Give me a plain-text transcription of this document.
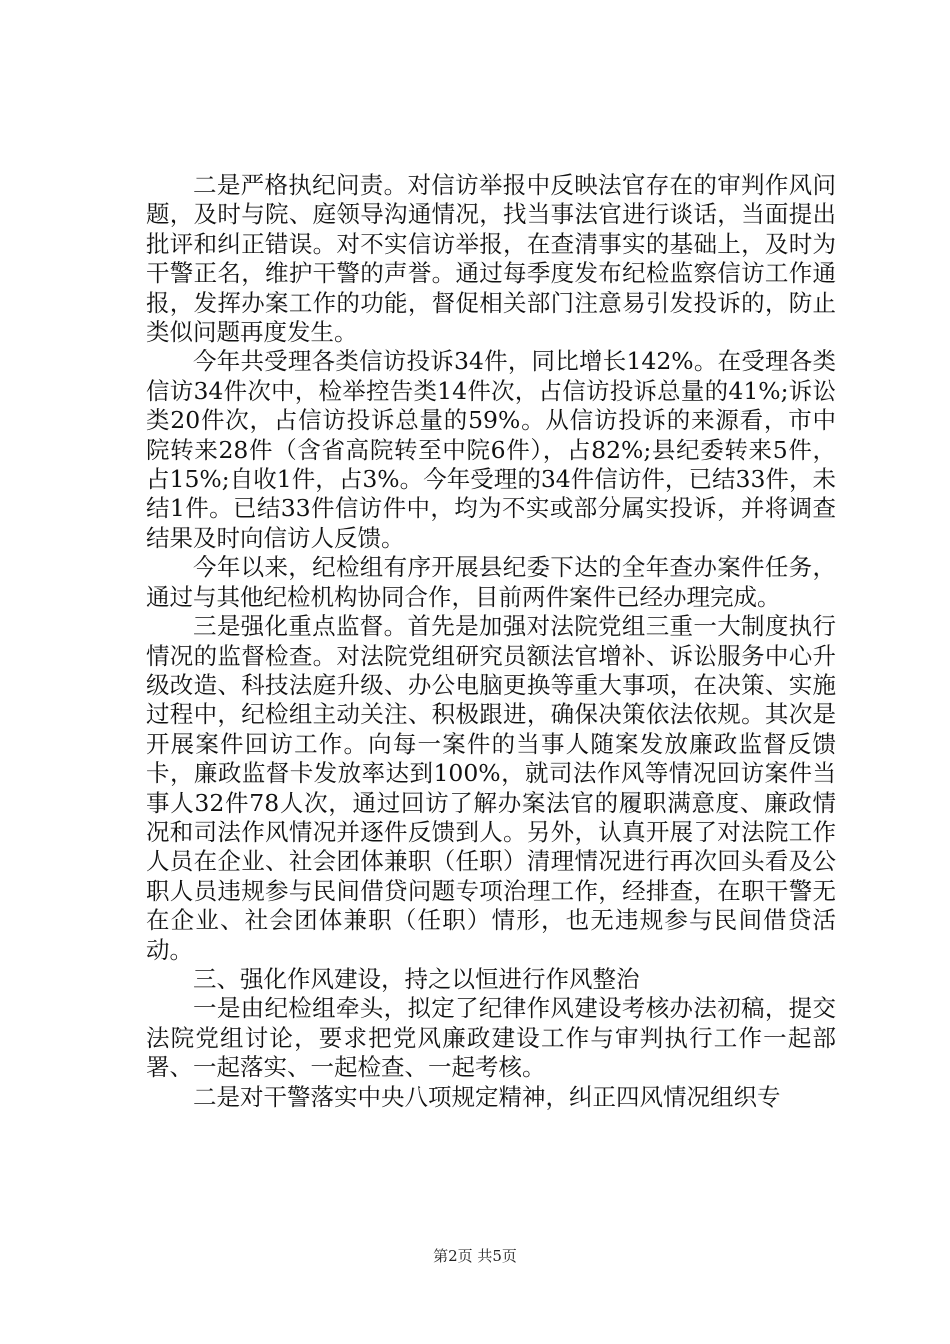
二是严格执纪问责。对信访举报中反映法官存在的审判作风问题，及时与院、庭领导沟通情况，找当事法官进行谈话，当面提出批评和纠正错误。对不实信访举报，在查清事实的基础上，及时为干警正名，维护干警的声誉。通过每季度发布纪检监察信访工作通报，发挥办案工作的功能，督促相关部门注意易引发投诉的，防止类似问题再度发生。

今年共受理各类信访投诉34件，同比增长142%。在受理各类信访34件次中，检举控告类14件次，占信访投诉总量的41%;诉讼类20件次，占信访投诉总量的59%。从信访投诉的来源看，市中院转来28件（含省高院转至中院6件），占82%;县纪委转来5件，占15%;自收1件，占3%。今年受理的34件信访件，已结33件，未结1件。已结33件信访件中，均为不实或部分属实投诉，并将调查结果及时向信访人反馈。

今年以来，纪检组有序开展县纪委下达的全年查办案件任务，通过与其他纪检机构协同合作，目前两件案件已经办理完成。

三是强化重点监督。首先是加强对法院党组三重一大制度执行情况的监督检查。对法院党组研究员额法官增补、诉讼服务中心升级改造、科技法庭升级、办公电脑更换等重大事项，在决策、实施过程中，纪检组主动关注、积极跟进，确保决策依法依规。其次是开展案件回访工作。向每一案件的当事人随案发放廉政监督反馈卡，廉政监督卡发放率达到100%，就司法作风等情况回访案件当事人32件78人次，通过回访了解办案法官的履职满意度、廉政情况和司法作风情况并逐件反馈到人。另外，认真开展了对法院工作人员在企业、社会团体兼职（任职）清理情况进行再次回头看及公职人员违规参与民间借贷问题专项治理工作，经排查，在职干警无在企业、社会团体兼职（任职）情形，也无违规参与民间借贷活动。

三、强化作风建设，持之以恒进行作风整治

一是由纪检组牵头，拟定了纪律作风建设考核办法初稿，提交法院党组讨论，要求把党风廉政建设工作与审判执行工作一起部署、一起落实、一起检查、一起考核。

二是对干警落实中央八项规定精神，纠正四风情况组织专

第2页 共5页
